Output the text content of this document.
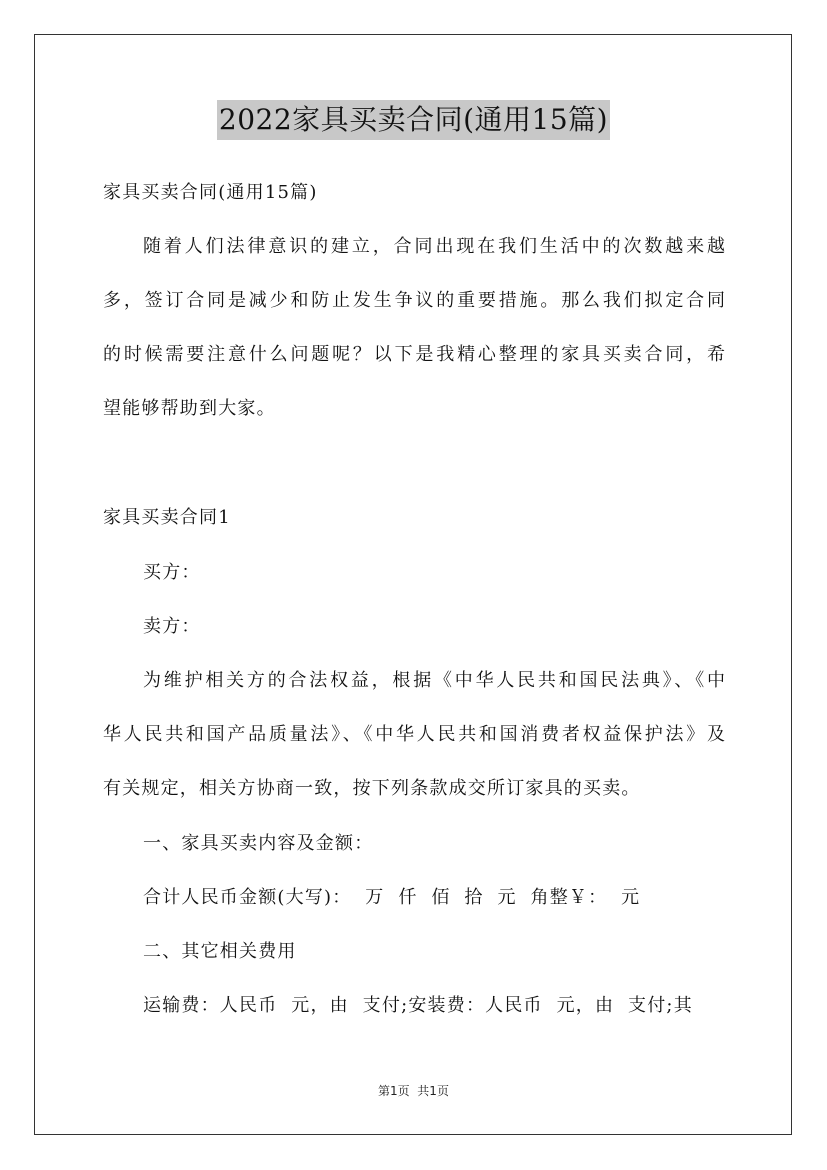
2022家具买卖合同(通用15篇)
家具买卖合同(通用15篇)
随着人们法律意识的建立，合同出现在我们生活中的次数越来越
多，签订合同是减少和防止发生争议的重要措施。那么我们拟定合同
的时候需要注意什么问题呢？以下是我精心整理的家具买卖合同，希
望能够帮助到大家。
家具买卖合同1
买方：
卖方：
为维护相关方的合法权益，根据《中华人民共和国民法典》、《中
华人民共和国产品质量法》、《中华人民共和国消费者权益保护法》及
有关规定，相关方协商一致，按下列条款成交所订家具的买卖。
一、家具买卖内容及金额：
合计人民币金额(大写)：  万  仟  佰  拾  元  角整￥：  元
二、其它相关费用
运输费：人民币  元，由  支付;安装费：人民币  元，由  支付;其
第1页  共1页
